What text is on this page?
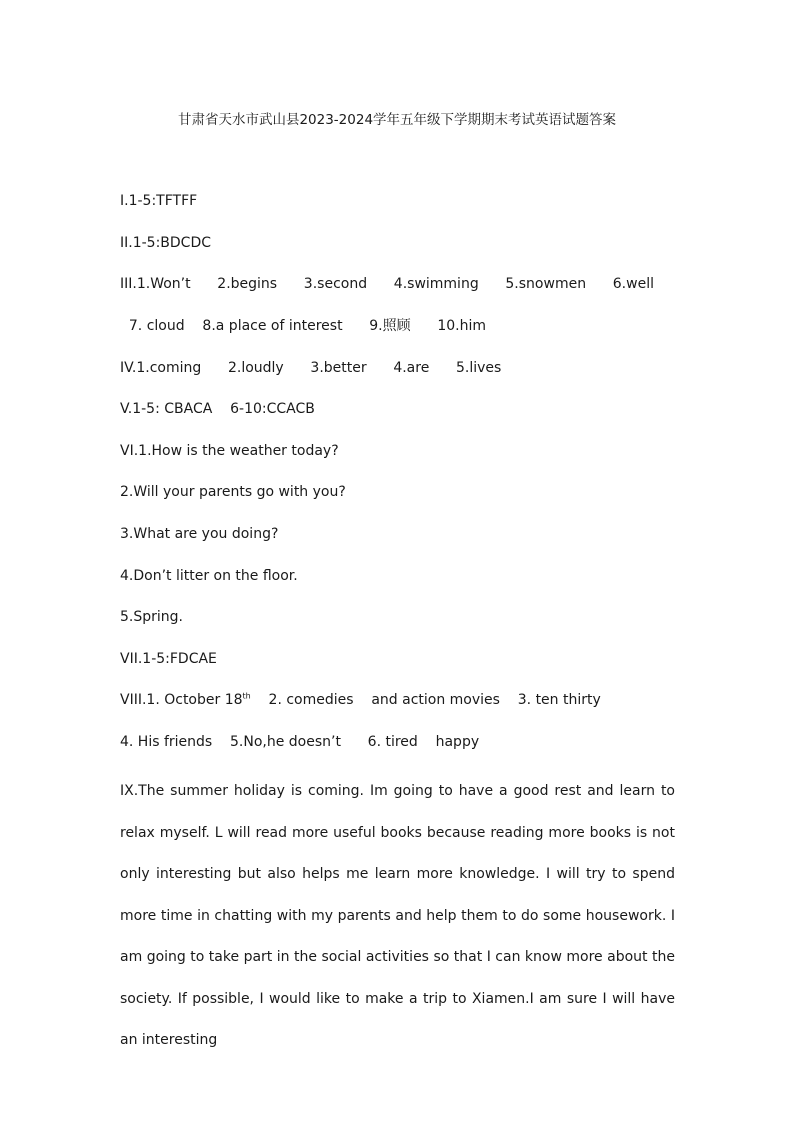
甘肃省天水市武山县2023-2024学年五年级下学期期末考试英语试题答案
I.1-5:TFTFF
II.1-5:BDCDC
III.1.Won’t      2.begins      3.second      4.swimming      5.snowmen      6.well
7. cloud    8.a place of interest      9.照顾      10.him
IV.1.coming      2.loudly      3.better      4.are      5.lives
V.1-5: CBACA    6-10:CCACB
VI.1.How is the weather today?
2.Will your parents go with you?
3.What are you doing?
4.Don’t litter on the floor.
5.Spring.
VII.1-5:FDCAE
VIII.1. October 18th    2. comedies    and action movies    3. ten thirty
4. His friends    5.No,he doesn’t      6. tired    happy
IX.The summer holiday is coming. Im going to have a good rest and learn to relax myself. L will read more useful books because reading more books is not only interesting but also helps me learn more knowledge. I will try to spend more time in chatting with my parents and help them to do some housework. I am going to take part in the social activities so that I can know more about the society. If possible, I would like to make a trip to Xiamen.I am sure I will have an interesting
